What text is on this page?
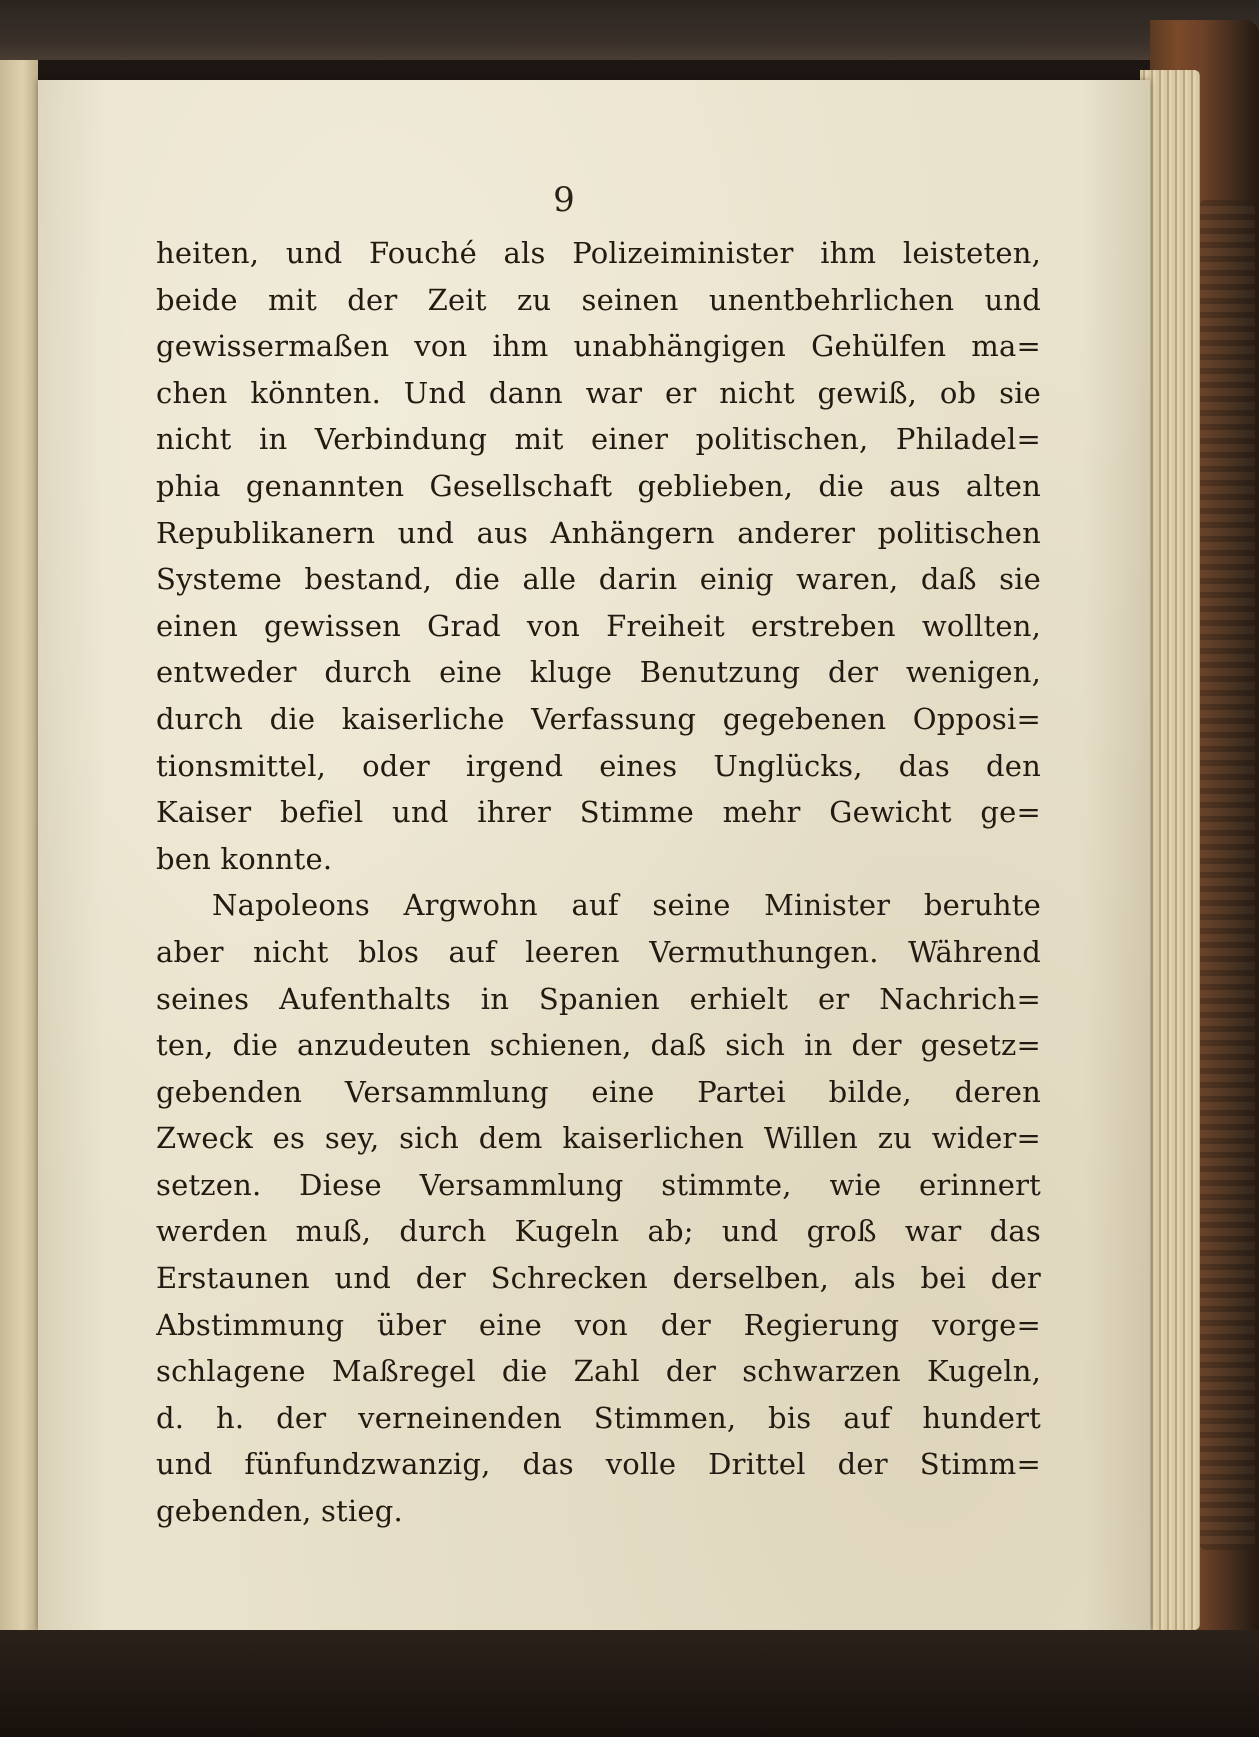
9
heiten, und Fouché als Polizeiminister ihm leisteten,
beide mit der Zeit zu seinen unentbehrlichen und
gewissermaßen von ihm unabhängigen Gehülfen ma=
chen könnten. Und dann war er nicht gewiß, ob sie
nicht in Verbindung mit einer politischen, Philadel=
phia genannten Gesellschaft geblieben, die aus alten
Republikanern und aus Anhängern anderer politischen
Systeme bestand, die alle darin einig waren, daß sie
einen gewissen Grad von Freiheit erstreben wollten,
entweder durch eine kluge Benutzung der wenigen,
durch die kaiserliche Verfassung gegebenen Opposi=
tionsmittel, oder irgend eines Unglücks, das den
Kaiser befiel und ihrer Stimme mehr Gewicht ge=
ben konnte.
Napoleons Argwohn auf seine Minister beruhte
aber nicht blos auf leeren Vermuthungen. Während
seines Aufenthalts in Spanien erhielt er Nachrich=
ten, die anzudeuten schienen, daß sich in der gesetz=
gebenden Versammlung eine Partei bilde, deren
Zweck es sey, sich dem kaiserlichen Willen zu wider=
setzen. Diese Versammlung stimmte, wie erinnert
werden muß, durch Kugeln ab; und groß war das
Erstaunen und der Schrecken derselben, als bei der
Abstimmung über eine von der Regierung vorge=
schlagene Maßregel die Zahl der schwarzen Kugeln,
d. h. der verneinenden Stimmen, bis auf hundert
und fünfundzwanzig, das volle Drittel der Stimm=
gebenden, stieg.
